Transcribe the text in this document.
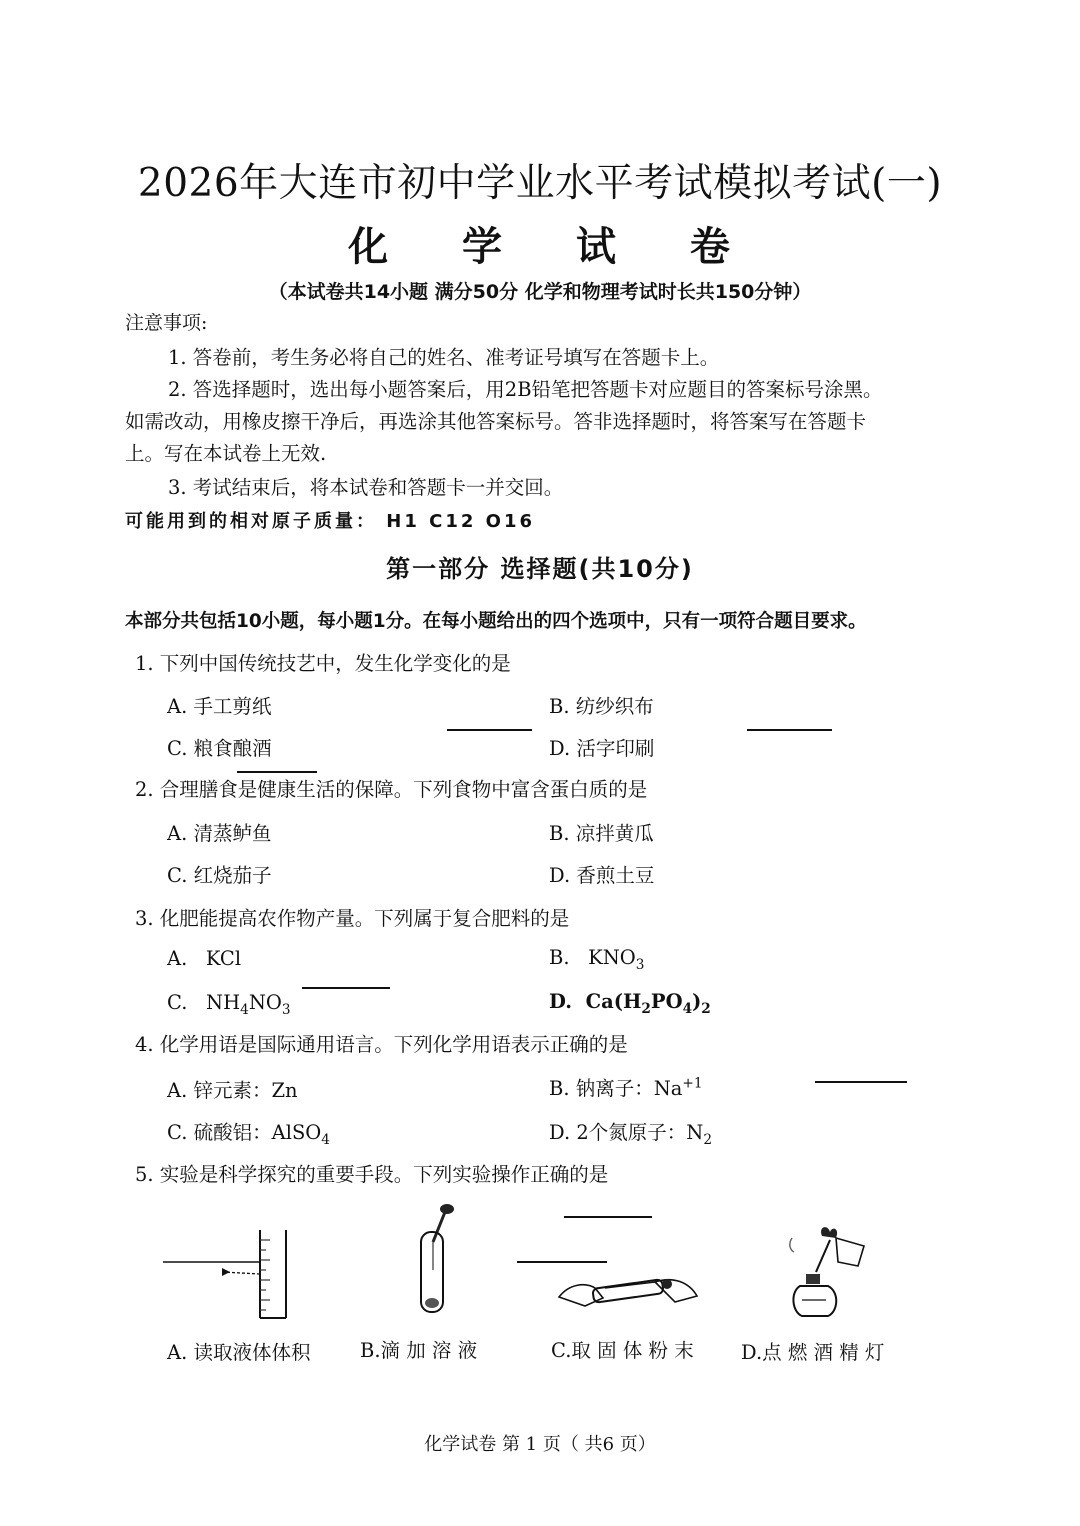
2026年大连市初中学业水平考试模拟考试(一)
化 学 试 卷
（本试卷共14小题 满分50分 化学和物理考试时长共150分钟）
注意事项:
1. 答卷前，考生务必将自己的姓名、准考证号填写在答题卡上。
2. 答选择题时，选出每小题答案后，用2B铅笔把答题卡对应题目的答案标号涂黑。
如需改动，用橡皮擦干净后，再选涂其他答案标号。答非选择题时，将答案写在答题卡
上。写在本试卷上无效.
3. 考试结束后，将本试卷和答题卡一并交回。
可能用到的相对原子质量： H1 C12 O16
第一部分 选择题(共10分)
本部分共包括10小题，每小题1分。在每小题给出的四个选项中，只有一项符合题目要求。
1. 下列中国传统技艺中，发生化学变化的是
A. 手工剪纸	B. 纺纱织布
C. 粮食酿酒	D. 活字印刷
2. 合理膳食是健康生活的保障。下列食物中富含蛋白质的是
A. 清蒸鲈鱼	B. 凉拌黄瓜
C. 红烧茄子	D. 香煎土豆
3. 化肥能提高农作物产量。下列属于复合肥料的是
A. KCl	B. $KNO_3$
C. $NH_4NO_3$	D. $Ca(H_2PO_4)_2$
4. 化学用语是国际通用语言。下列化学用语表示正确的是
A. 锌元素：Zn	B. 钠离子：$Na^{+1}$
C. 硫酸铝：AlSO$_4$	D. 2个氮原子：$N_2$
5. 实验是科学探究的重要手段。下列实验操作正确的是
A. 读取液体体积	B.滴 加 溶 液	C.取 固 体 粉 末 D.点 燃 酒 精 灯
化学试卷 第 1 页（ 共6 页）
